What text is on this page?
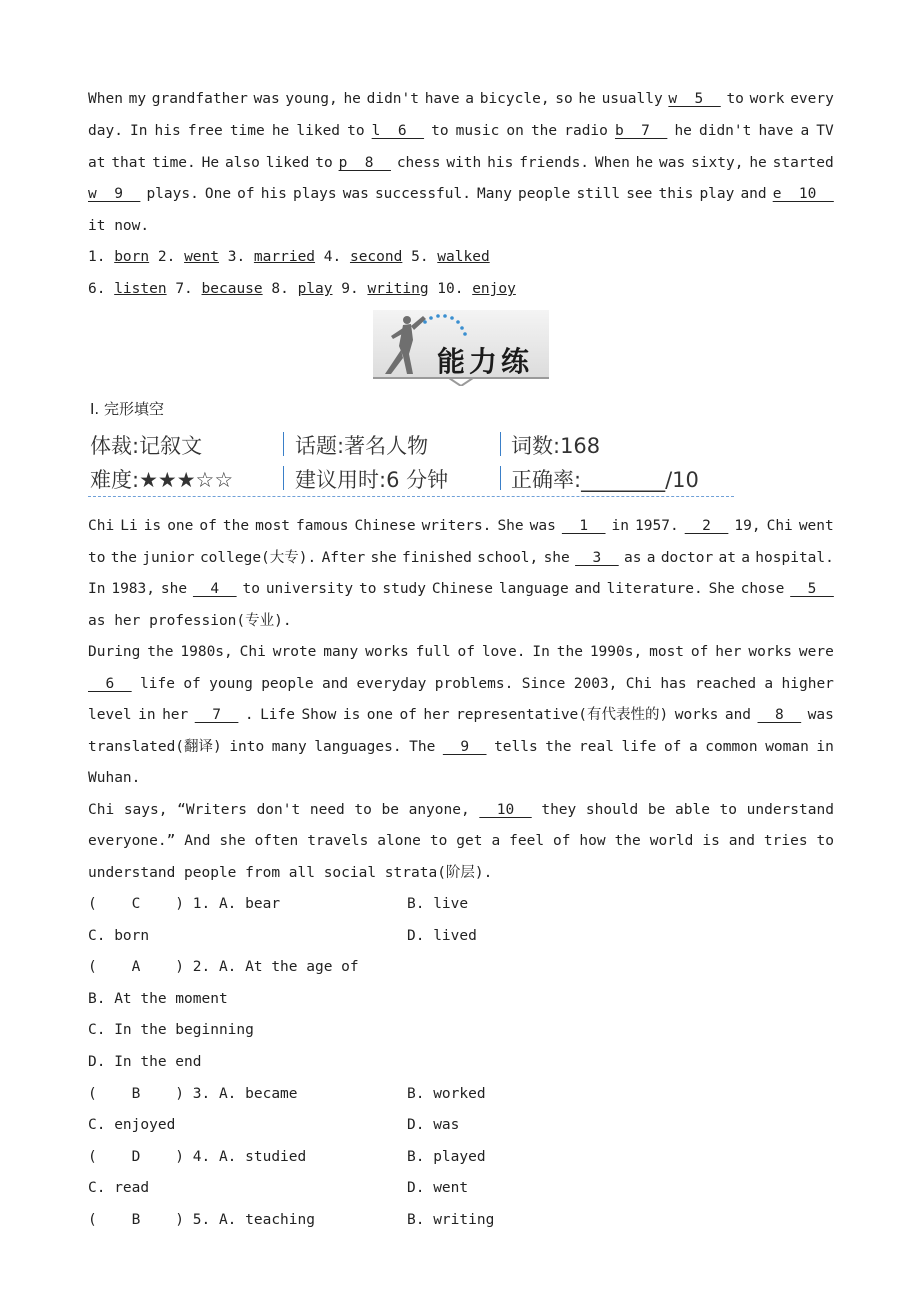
When my grandfather was young, he didn't have a bicycle, so he usually w  5 to work every
day. In his free time he liked to l  6 to music on the radio b  7 he didn't have a TV
at that time. He also liked to p  8 chess with his friends. When he was sixty, he started
w  9 plays. One of his plays was successful. Many people still see this play and e  10
it now.
1. born 2. went 3. married 4. second 5. walked
6. listen 7. because 8. play 9. writing 10. enjoy
能力练
Ⅰ. 完形填空
体裁:记叙文	话题:著名人物	词数:168
难度:★★★☆☆	建议用时:6 分钟	正确率:________/10
Chi Li is one of the most famous Chinese writers. She was 1 in 1957. 2 19, Chi went
to the junior college(大专). After she finished school, she 3 as a doctor at a hospital.
In 1983, she 4 to university to study Chinese language and literature. She chose 5
as her profession(专业).
During the 1980s, Chi wrote many works full of love. In the 1990s, most of her works were
6 life of young people and everyday problems. Since 2003, Chi has reached a higher
level in her 7 . Life Show is one of her representative(有代表性的) works and 8 was
translated(翻译) into many languages. The 9 tells the real life of a common woman in
Wuhan.
Chi says, “Writers don't need to be anyone, 10 they should be able to understand
everyone.” And she often travels alone to get a feel of how the world is and tries to
understand people from all social strata(阶层).
(    C    ) 1. A. bear	B. live
C. born	D. lived
(    A    ) 2. A. At the age of
B. At the moment
C. In the beginning
D. In the end
(    B    ) 3. A. became	B. worked
C. enjoyed	D. was
(    D    ) 4. A. studied	B. played
C. read	D. went
(    B    ) 5. A. teaching	B. writing
